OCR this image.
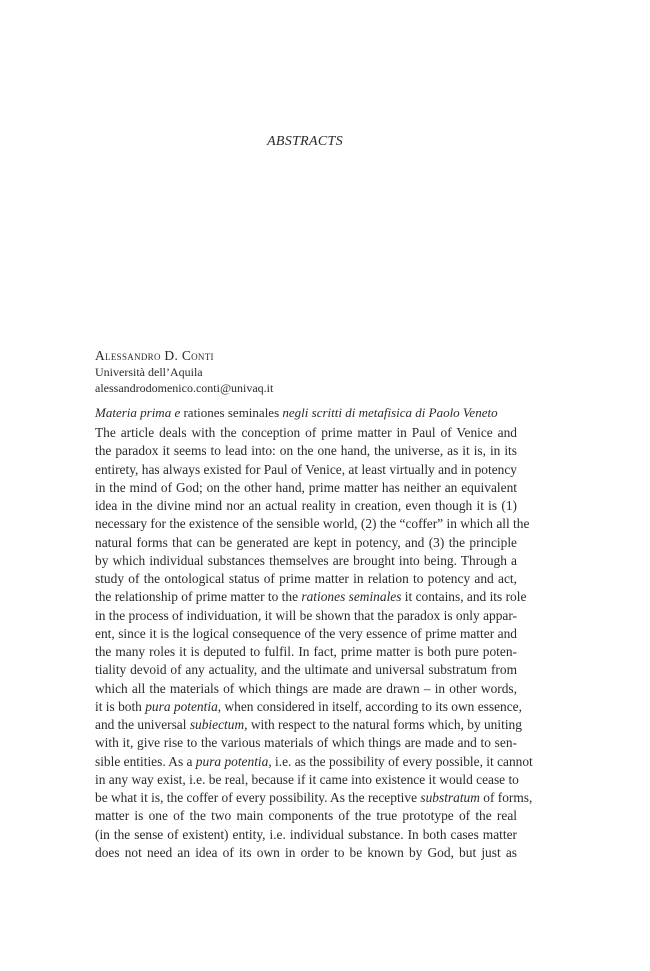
ABSTRACTS
Alessandro D. Conti
Università dell’Aquila
alessandrodomenico.conti@univaq.it
Materia prima e rationes seminales negli scritti di metafisica di Paolo Veneto
The article deals with the conception of prime matter in Paul of Venice and
the paradox it seems to lead into: on the one hand, the universe, as it is, in its
entirety, has always existed for Paul of Venice, at least virtually and in potency
in the mind of God; on the other hand, prime matter has neither an equivalent
idea in the divine mind nor an actual reality in creation, even though it is (1)
necessary for the existence of the sensible world, (2) the “coffer” in which all the
natural forms that can be generated are kept in potency, and (3) the principle
by which individual substances themselves are brought into being. Through a
study of the ontological status of prime matter in relation to potency and act,
the relationship of prime matter to the rationes seminales it contains, and its role
in the process of individuation, it will be shown that the paradox is only appar-
ent, since it is the logical consequence of the very essence of prime matter and
the many roles it is deputed to fulfil. In fact, prime matter is both pure poten-
tiality devoid of any actuality, and the ultimate and universal substratum from
which all the materials of which things are made are drawn – in other words,
it is both pura potentia, when considered in itself, according to its own essence,
and the universal subiectum, with respect to the natural forms which, by uniting
with it, give rise to the various materials of which things are made and to sen-
sible entities. As a pura potentia, i.e. as the possibility of every possible, it cannot
in any way exist, i.e. be real, because if it came into existence it would cease to
be what it is, the coffer of every possibility. As the receptive substratum of forms,
matter is one of the two main components of the true prototype of the real
(in the sense of existent) entity, i.e. individual substance. In both cases matter
does not need an idea of its own in order to be known by God, but just as
